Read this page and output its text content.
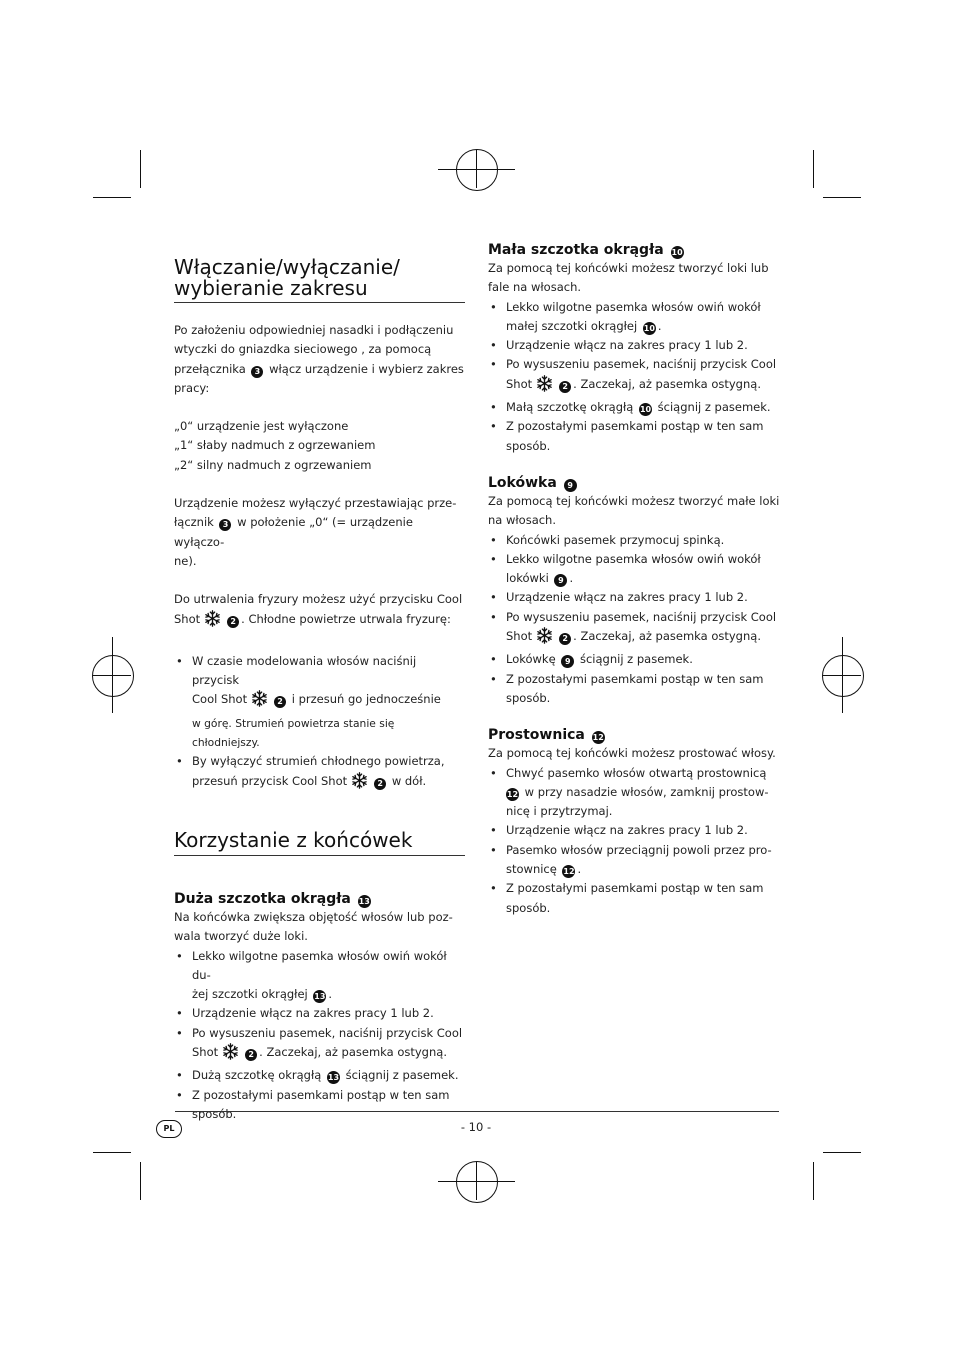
Włączanie/wyłączanie/
wybieranie zakresu

Po założeniu odpowiedniej nasadki i podłączeniu

wtyczki do gniazdka sieciowego , za pomocą

przełącznika 3 włącz urządzenie i wybierz zakres

pracy:

„0“ urządzenie jest wyłączone

„1“ słaby nadmuch z ogrzewaniem

„2“ silny nadmuch z ogrzewaniem

Urządzenie możesz wyłączyć przestawiając prze-

łącznik 3 w położenie „0“ (= urządzenie wyłączo-

ne).

Do utrwalenia fryzury możesz użyć przycisku Cool

Shot	2 . Chłodne powietrze utrwala fryzurę:

• W czasie modelowania włosów naciśnij przycisk
Cool Shot	2 i przesuń go jednocześnie
w górę. Strumień powietrza stanie się chłodniejszy.
• By wyłączyć strumień chłodnego powietrza,
przesuń przycisk Cool Shot	2 w dół.
Korzystanie z końcówek
Duża szczotka okrągła 13

Na końcówka zwiększa objętość włosów lub poz-

wala tworzyć duże loki.

• Lekko wilgotne pasemka włosów owiń wokół du-
żej szczotki okrągłej 13 .
• Urządzenie włącz na zakres pracy 1 lub 2.
• Po wysuszeniu pasemek, naciśnij przycisk Cool
Shot	2 . Zaczekaj, aż pasemka ostygną.
• Dużą szczotkę okrągłą 13 ściągnij z pasemek.
• Z pozostałymi pasemkami postąp w ten sam
sposób.
Mała szczotka okrągła 10

Za pomocą tej końcówki możesz tworzyć loki lub

fale na włosach.

• Lekko wilgotne pasemka włosów owiń wokół
małej szczotki okrągłej 10 .
• Urządzenie włącz na zakres pracy 1 lub 2.
• Po wysuszeniu pasemek, naciśnij przycisk Cool
Shot	2 . Zaczekaj, aż pasemka ostygną.
• Małą szczotkę okrągłą 10 ściągnij z pasemek.
• Z pozostałymi pasemkami postąp w ten sam
sposób.
Lokówka 9

Za pomocą tej końcówki możesz tworzyć małe loki

na włosach.

• Końcówki pasemek przymocuj spinką.
• Lekko wilgotne pasemka włosów owiń wokół
lokówki 9 .
• Urządzenie włącz na zakres pracy 1 lub 2.
• Po wysuszeniu pasemek, naciśnij przycisk Cool
Shot	2 . Zaczekaj, aż pasemka ostygną.
• Lokówkę 9 ściągnij z pasemek.
• Z pozostałymi pasemkami postąp w ten sam
sposób.
Prostownica 12

Za pomocą tej końcówki możesz prostować włosy.

• Chwyć pasemko włosów otwartą prostownicą
12 w przy nasadzie włosów, zamknij prostow-
nicę i przytrzymaj.
• Urządzenie włącz na zakres pracy 1 lub 2.
• Pasemko włosów przeciągnij powoli przez pro-
stownicę 12 .
• Z pozostałymi pasemkami postąp w ten sam
sposób.
PL	- 10 -
